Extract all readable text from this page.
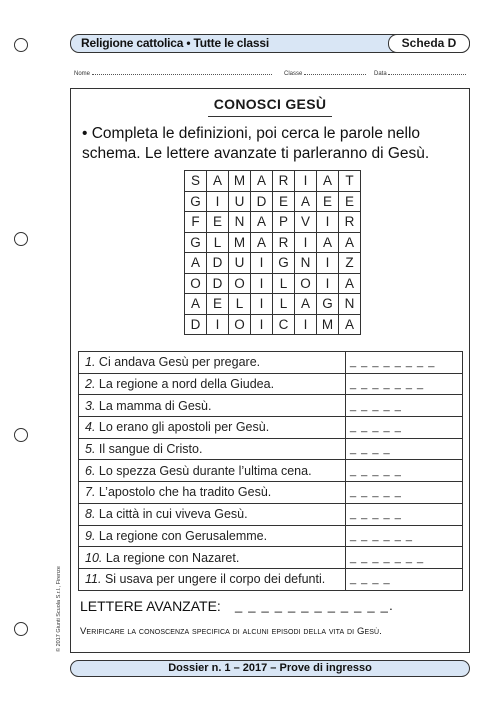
Religione cattolica • Tutte le classi	Scheda D
Nome	Classe	Data
CONOSCI GESÙ
• Completa le definizioni, poi cerca le parole nello schema. Le lettere avanzate ti parleranno di Gesù.
S	A	M	A	R	I	A	T
G	I	U	D	E	A	E	E
F	E	N	A	P	V	I	R
G	L	M	A	R	I	A	A
A	D	U	I	G	N	I	Z
O	D	O	I	L	O	I	A
A	E	L	I	L	A	G	N
D	I	O	I	C	I	M	A
1. Ci andava Gesù per pregare.	_ _ _ _ _ _ _ _
2. La regione a nord della Giudea.	_ _ _ _ _ _ _
3. La mamma di Gesù.	_ _ _ _ _
4. Lo erano gli apostoli per Gesù.	_ _ _ _ _
5. Il sangue di Cristo.	_ _ _ _
6. Lo spezza Gesù durante l’ultima cena.	_ _ _ _ _
7. L’apostolo che ha tradito Gesù.	_ _ _ _ _
8. La città in cui viveva Gesù.	_ _ _ _ _
9. La regione con Gerusalemme.	_ _ _ _ _ _
10. La regione con Nazaret.	_ _ _ _ _ _ _
11. Si usava per ungere il corpo dei defunti.	_ _ _ _
LETTERE AVANZATE: _ _ _ _ _ _ _ _ _ _ _ _.
Verificare la conoscenza specifica di alcuni episodi della vita di Gesù.
© 2017 Giunti Scuola S.r.l., Firenze
Dossier n. 1 – 2017 – Prove di ingresso
